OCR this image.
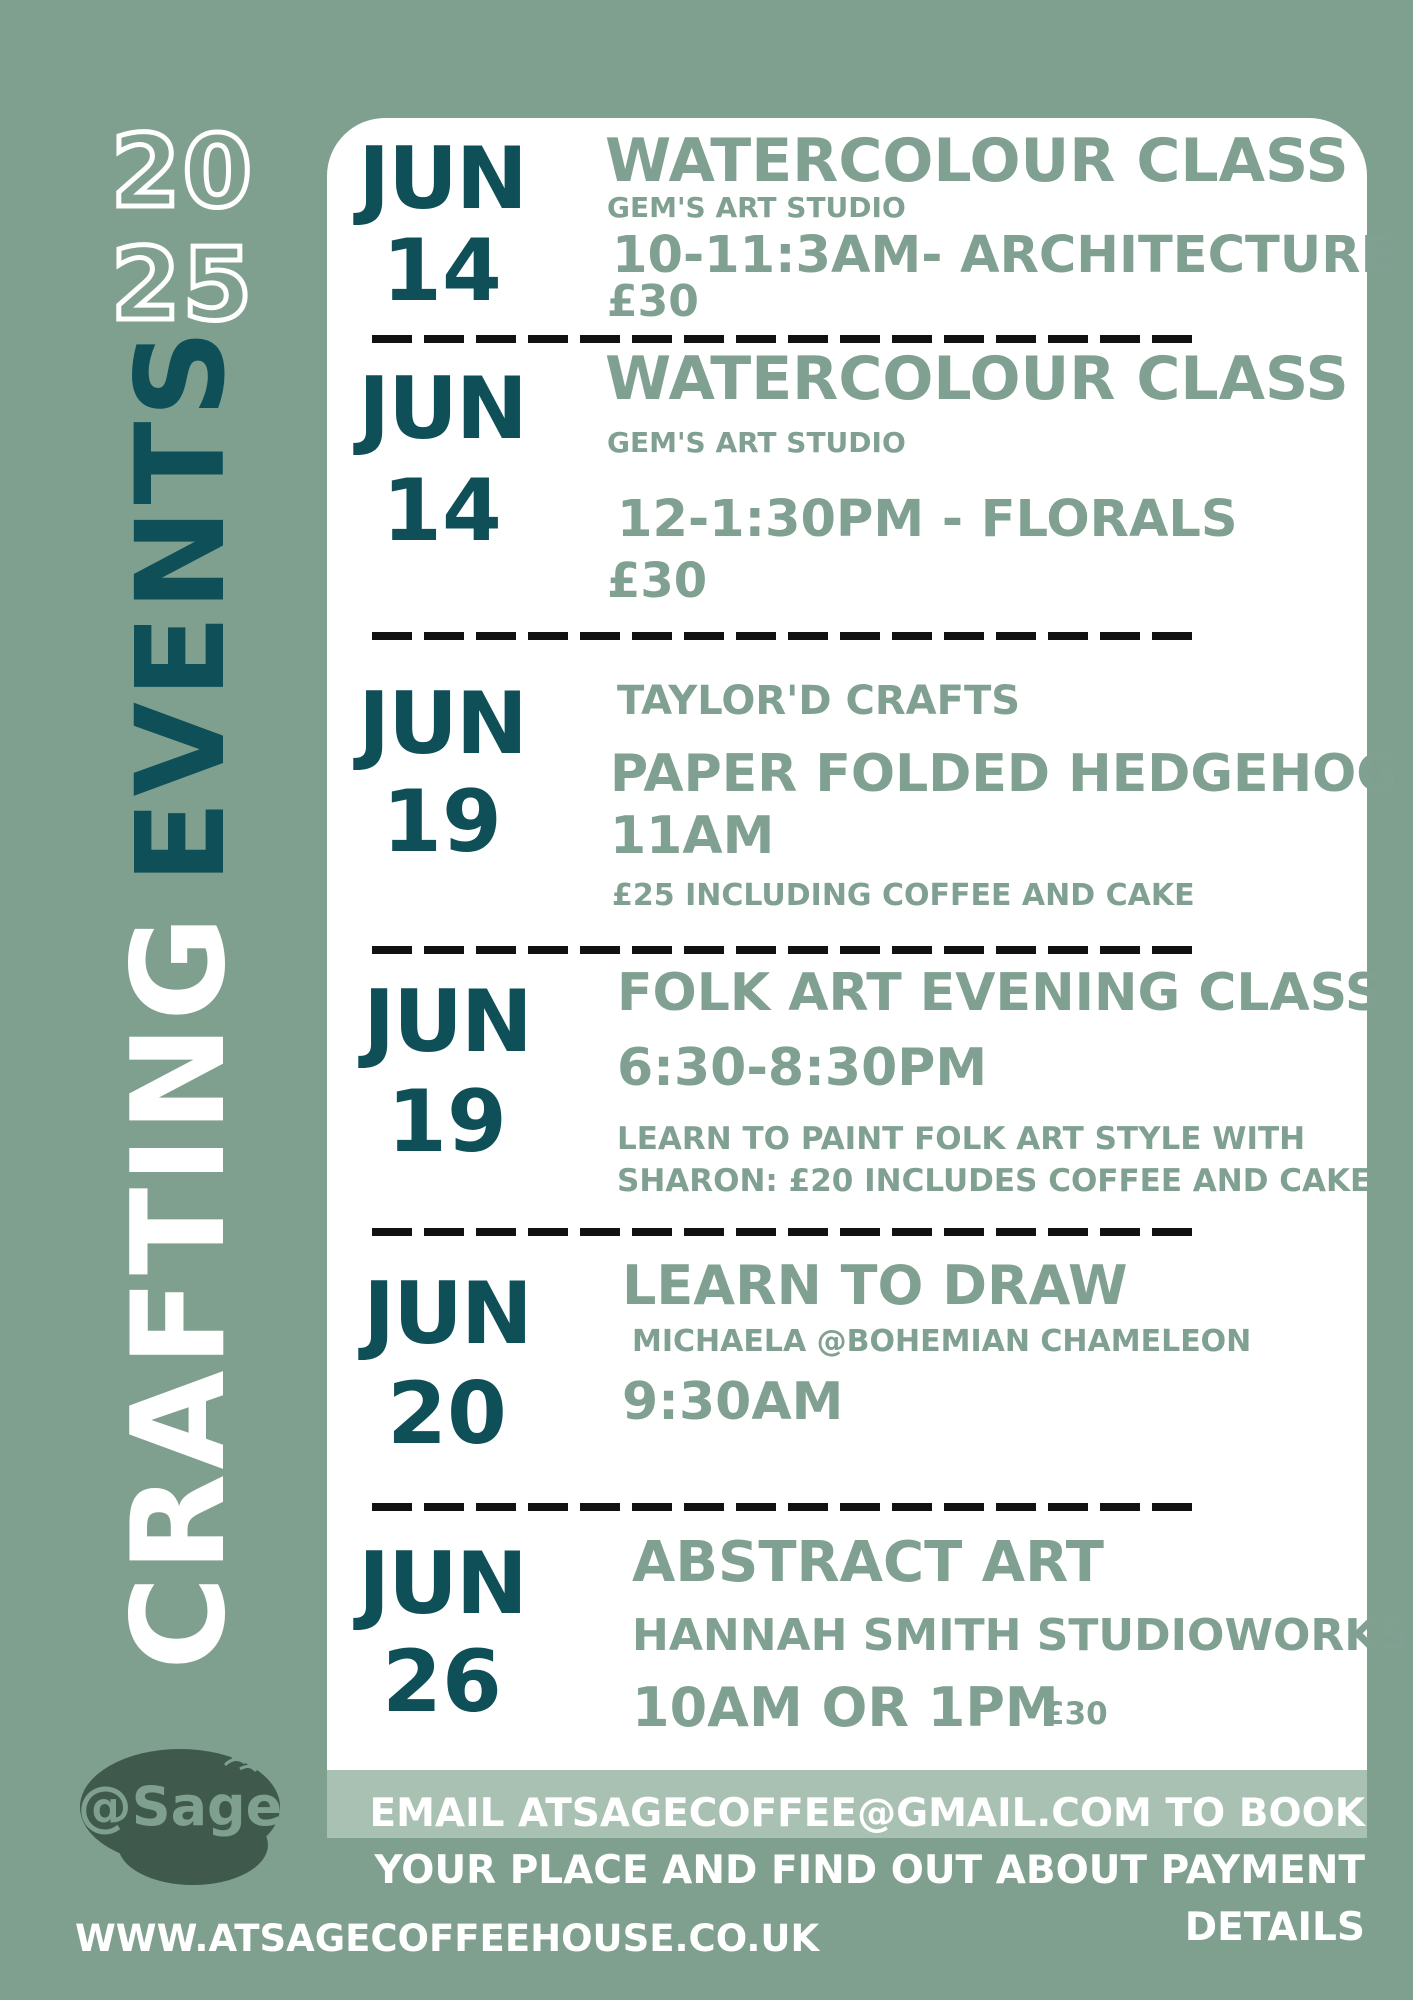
20
25
CRAFTINGEVENTS
JUN
14
WATERCOLOUR CLASS
GEM'S ART STUDIO
10-11:3AM- ARCHITECTURE
£30
JUN
14
WATERCOLOUR CLASS
GEM'S ART STUDIO
12-1:30PM - FLORALS
£30
JUN
19
TAYLOR'D CRAFTS
PAPER FOLDED HEDGEHOG
11AM
£25 INCLUDING COFFEE AND CAKE
JUN
19
FOLK ART EVENING CLASS
6:30-8:30PM
LEARN TO PAINT FOLK ART STYLE WITH
SHARON: £20 INCLUDES COFFEE AND CAKE
JUN
20
LEARN TO DRAW
MICHAELA @BOHEMIAN CHAMELEON
9:30AM
JUN
26
ABSTRACT ART
HANNAH SMITH STUDIOWORKS
10AM OR 1PM
£30
@Sage EMAIL ATSAGECOFFEE@GMAIL.COM TO BOOK
YOUR PLACE AND FIND OUT ABOUT PAYMENT
DETAILS
WWW.ATSAGECOFFEEHOUSE.CO.UK
